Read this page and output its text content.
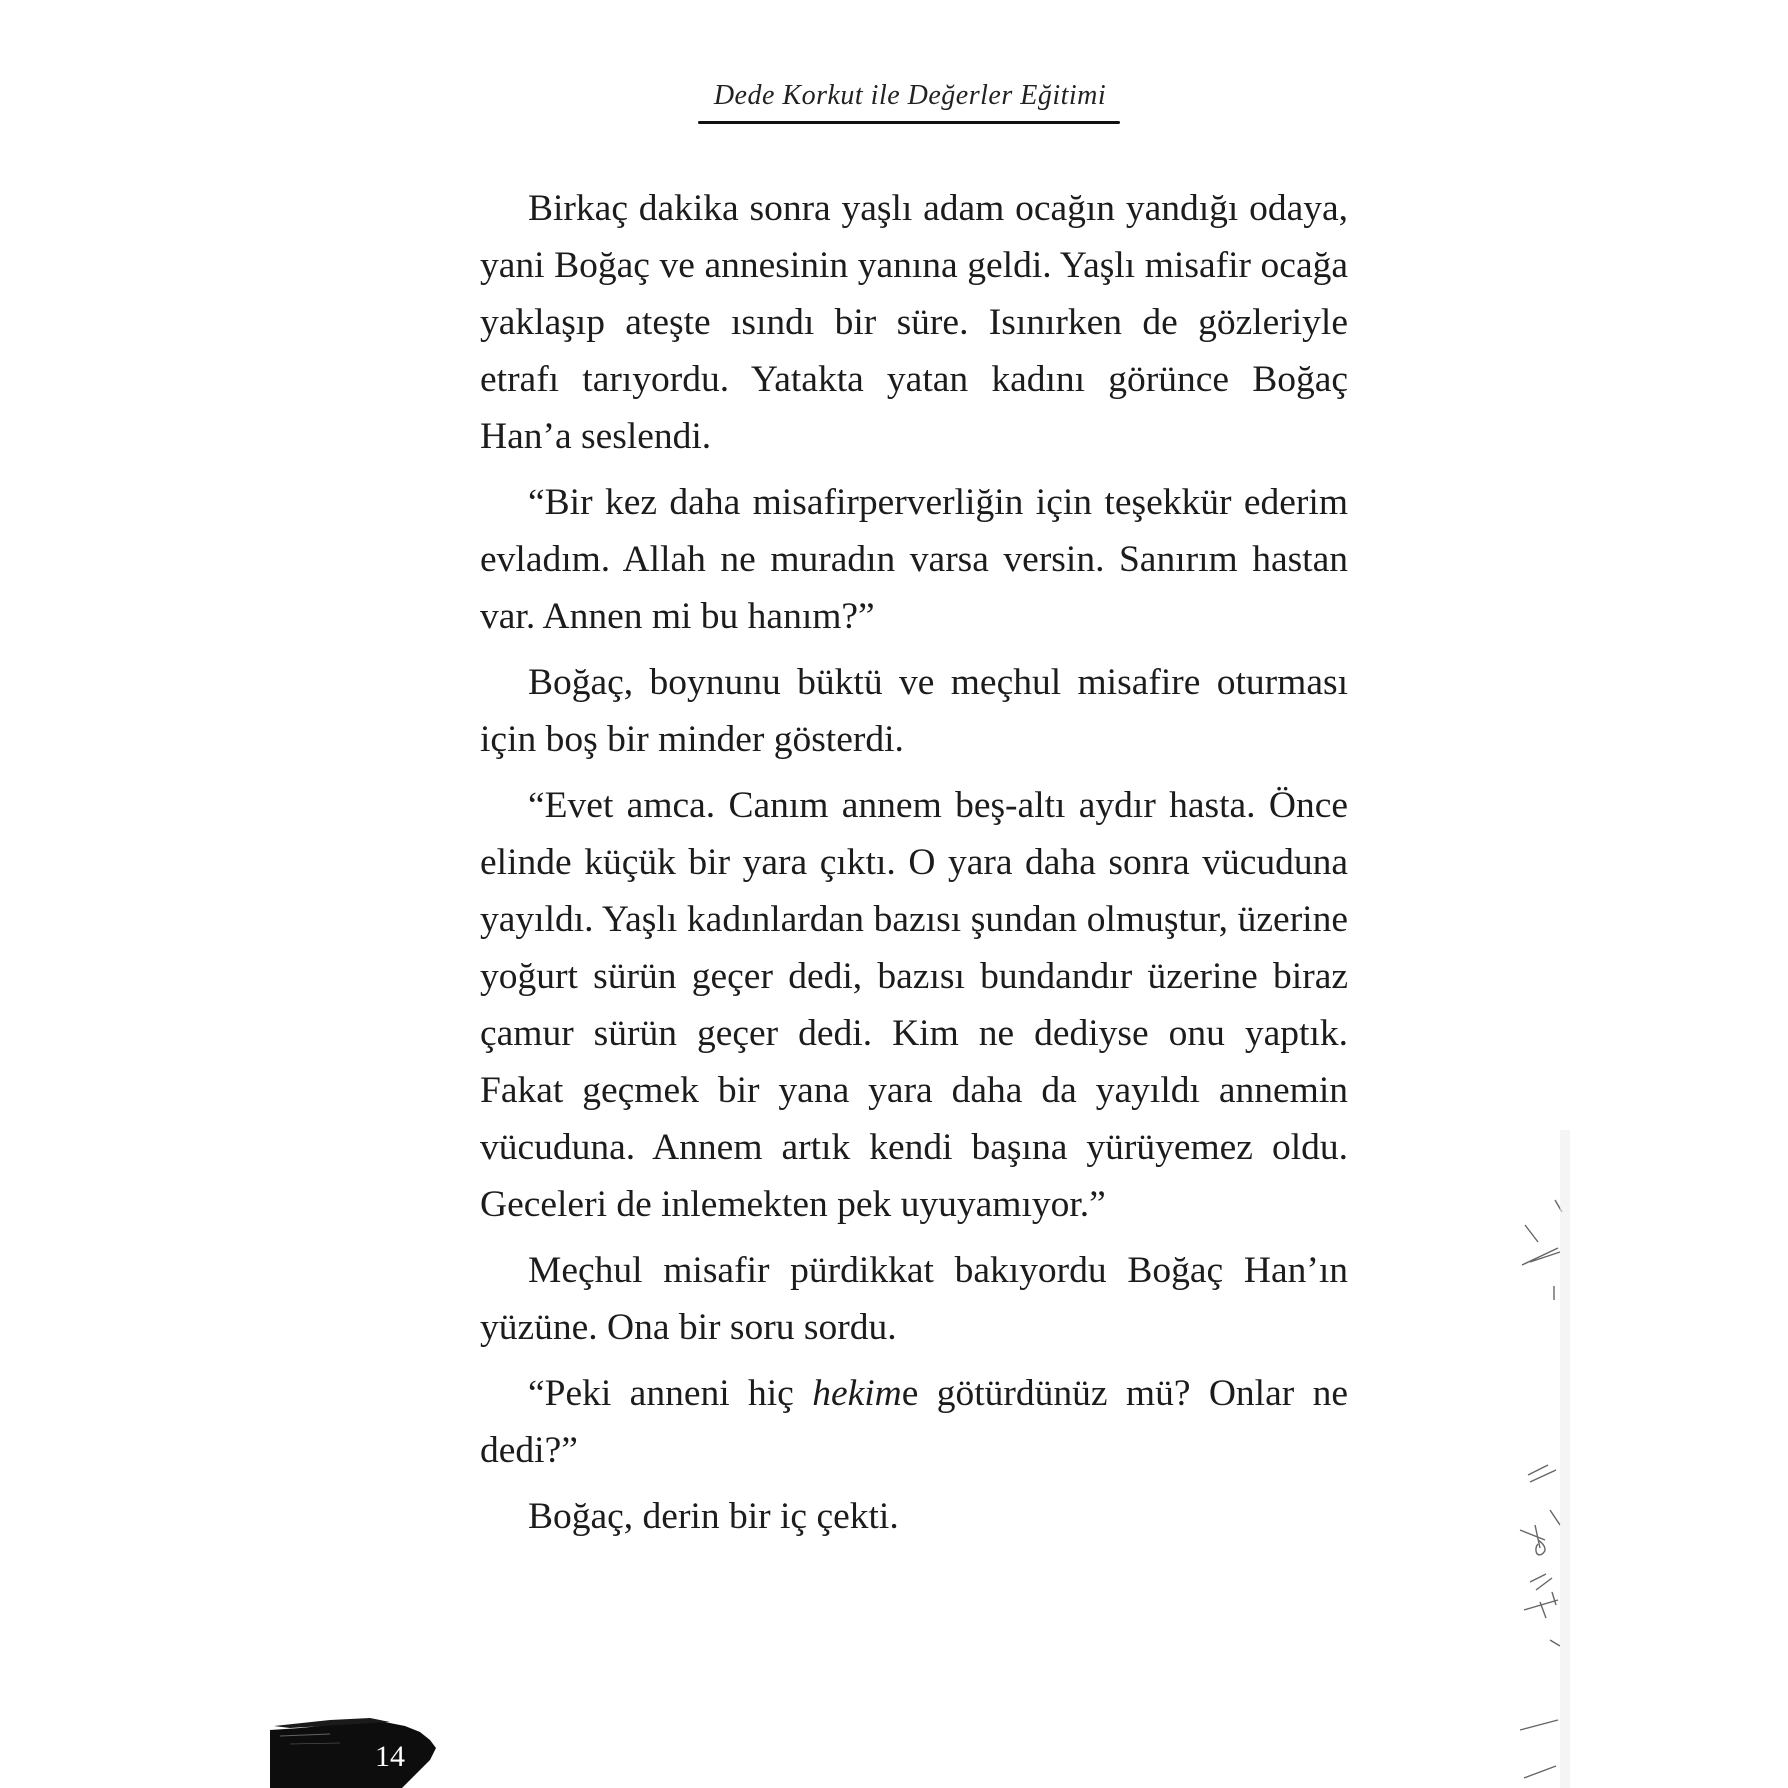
Dede Korkut ile Değerler Eğitimi

Birkaç dakika sonra yaşlı adam ocağın yandığı odaya, yani Boğaç ve annesinin yanına geldi. Yaşlı misafir ocağa yaklaşıp ateşte ısındı bir süre. Isınırken de gözleriyle etrafı tarıyordu. Yatakta yatan kadını görünce Boğaç Han’a seslendi.

“Bir kez daha misafirperverliğin için teşekkür ederim evladım. Allah ne muradın varsa versin. Sanırım hastan var. Annen mi bu hanım?”

Boğaç, boynunu büktü ve meçhul misafire oturması için boş bir minder gösterdi.

“Evet amca. Canım annem beş-altı aydır hasta. Önce elinde küçük bir yara çıktı. O yara daha sonra vücuduna yayıldı. Yaşlı kadınlardan bazısı şundan olmuştur, üzerine yoğurt sürün geçer dedi, bazısı bundandır üzerine biraz çamur sürün geçer dedi. Kim ne dediyse onu yaptık. Fakat geçmek bir yana yara daha da yayıldı annemin vücuduna. Annem artık kendi başına yürüyemez oldu. Geceleri de inlemekten pek uyuyamıyor.”

Meçhul misafir pürdikkat bakıyordu Boğaç Han’ın yüzüne. Ona bir soru sordu.

“Peki anneni hiç hekime götürdünüz mü? Onlar ne dedi?”

Boğaç, derin bir iç çekti.

14
